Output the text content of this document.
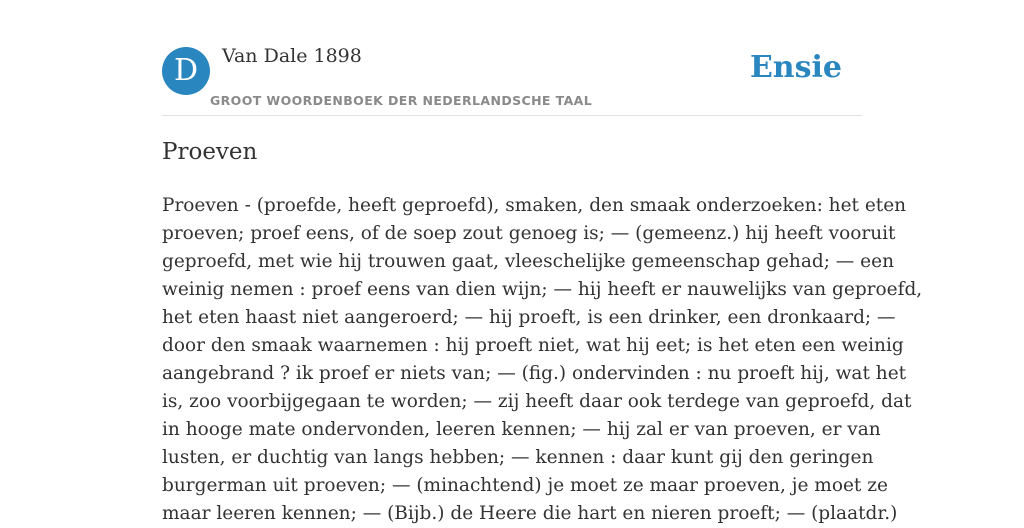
D	Van Dale 1898
GROOT WOORDENBOEK DER NEDERLANDSCHE TAAL
Ensie
Proeven
Proeven - (proefde, heeft geproefd), smaken, den smaak onderzoeken: het eten
proeven; proef eens, of de soep zout genoeg is; — (gemeenz.) hij heeft vooruit
geproefd, met wie hij trouwen gaat, vleeschelijke gemeenschap gehad; — een
weinig nemen : proef eens van dien wijn; — hij heeft er nauwelijks van geproefd,
het eten haast niet aangeroerd; — hij proeft, is een drinker, een dronkaard; —
door den smaak waarnemen : hij proeft niet, wat hij eet; is het eten een weinig
aangebrand ? ik proef er niets van; — (fig.) ondervinden : nu proeft hij, wat het
is, zoo voorbijgegaan te worden; — zij heeft daar ook terdege van geproefd, dat
in hooge mate ondervonden, leeren kennen; — hij zal er van proeven, er van
lusten, er duchtig van langs hebben; — kennen : daar kunt gij den geringen
burgerman uit proeven; — (minachtend) je moet ze maar proeven, je moet ze
maar leeren kennen; — (Bijb.) de Heere die hart en nieren proeft; — (plaatdr.)
